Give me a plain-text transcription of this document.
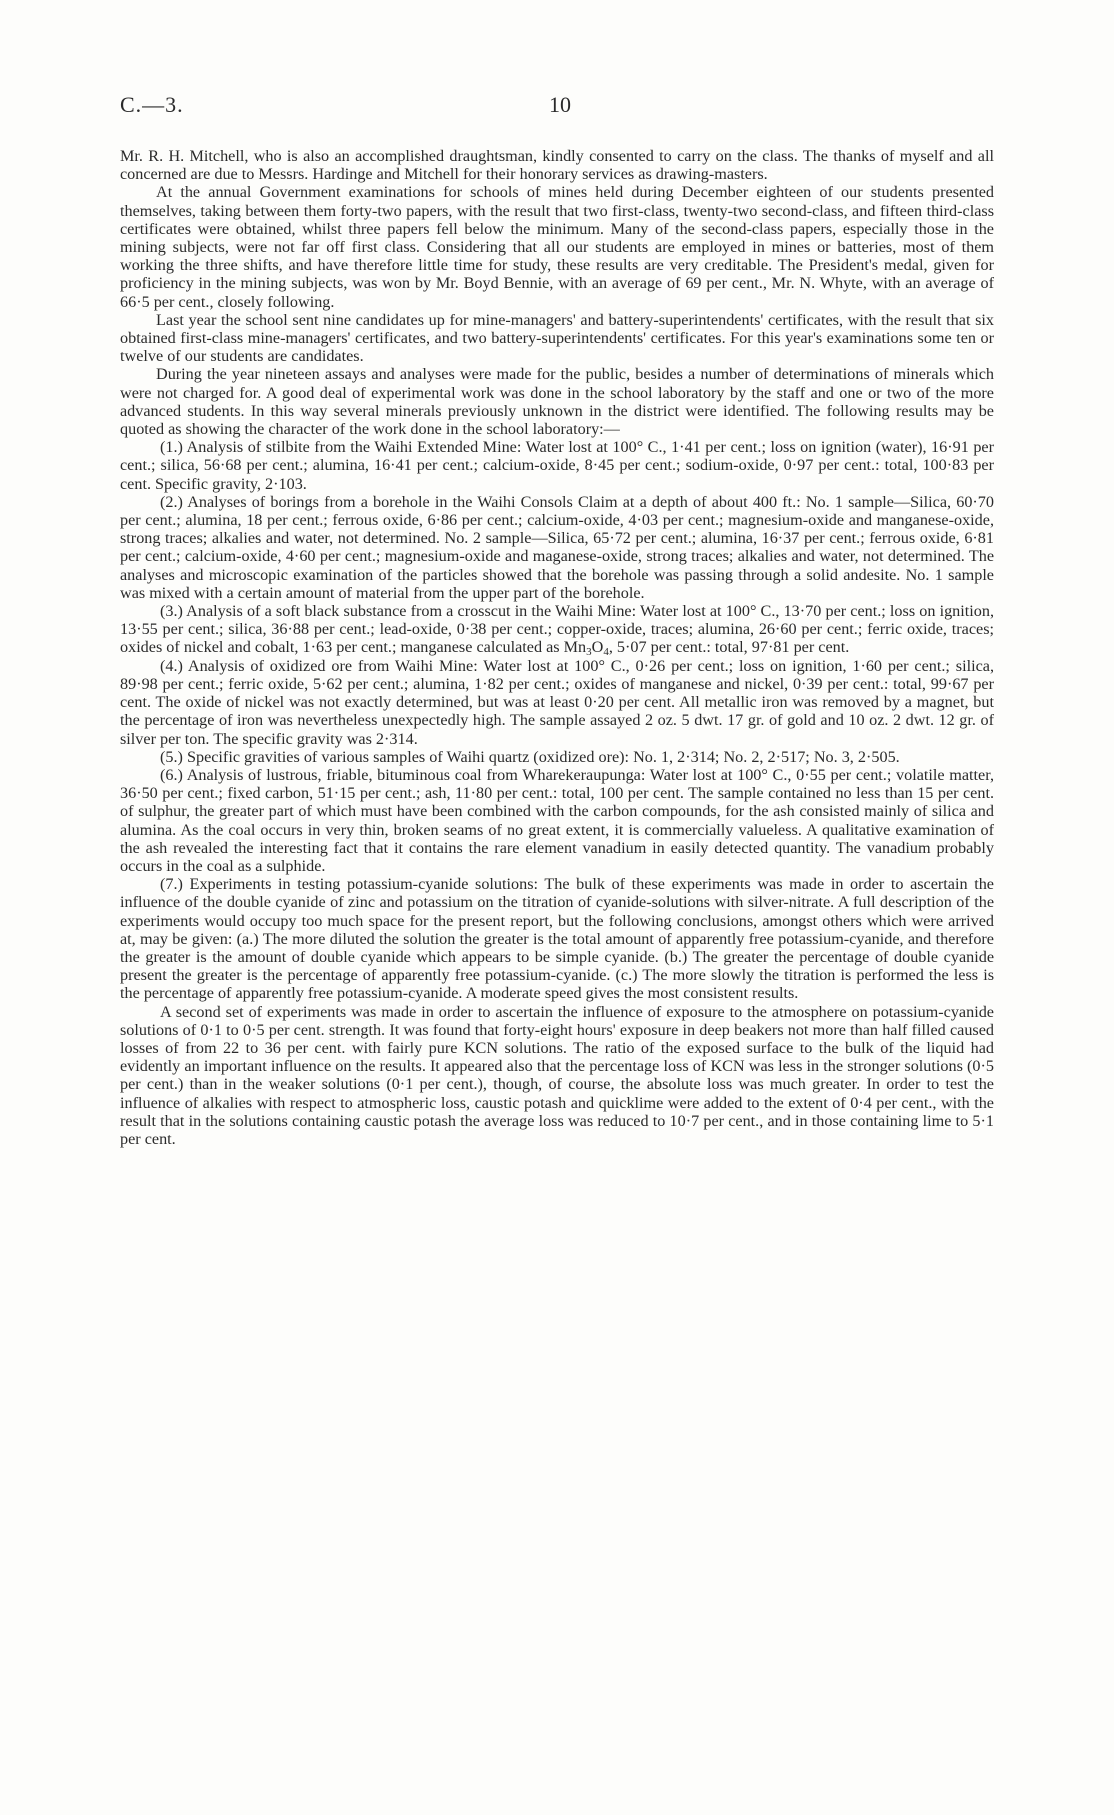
C.—3.	10

Mr. R. H. Mitchell, who is also an accomplished draughtsman, kindly consented to carry on the class. The thanks of myself and all concerned are due to Messrs. Hardinge and Mitchell for their honorary services as drawing-masters.

At the annual Government examinations for schools of mines held during December eighteen of our students presented themselves, taking between them forty-two papers, with the result that two first-class, twenty-two second-class, and fifteen third-class certificates were obtained, whilst three papers fell below the minimum. Many of the second-class papers, especially those in the mining subjects, were not far off first class. Considering that all our students are employed in mines or batteries, most of them working the three shifts, and have therefore little time for study, these results are very creditable. The President's medal, given for proficiency in the mining subjects, was won by Mr. Boyd Bennie, with an average of 69 per cent., Mr. N. Whyte, with an average of 66·5 per cent., closely following.

Last year the school sent nine candidates up for mine-managers' and battery-superintendents' certificates, with the result that six obtained first-class mine-managers' certificates, and two battery-superintendents' certificates. For this year's examinations some ten or twelve of our students are candidates.

During the year nineteen assays and analyses were made for the public, besides a number of determinations of minerals which were not charged for. A good deal of experimental work was done in the school laboratory by the staff and one or two of the more advanced students. In this way several minerals previously unknown in the district were identified. The following results may be quoted as showing the character of the work done in the school laboratory:—

(1.) Analysis of stilbite from the Waihi Extended Mine: Water lost at 100° C., 1·41 per cent.; loss on ignition (water), 16·91 per cent.; silica, 56·68 per cent.; alumina, 16·41 per cent.; calcium-oxide, 8·45 per cent.; sodium-oxide, 0·97 per cent.: total, 100·83 per cent. Specific gravity, 2·103.

(2.) Analyses of borings from a borehole in the Waihi Consols Claim at a depth of about 400 ft.: No. 1 sample—Silica, 60·70 per cent.; alumina, 18 per cent.; ferrous oxide, 6·86 per cent.; calcium-oxide, 4·03 per cent.; magnesium-oxide and manganese-oxide, strong traces; alkalies and water, not determined. No. 2 sample—Silica, 65·72 per cent.; alumina, 16·37 per cent.; ferrous oxide, 6·81 per cent.; calcium-oxide, 4·60 per cent.; magnesium-oxide and maganese-oxide, strong traces; alkalies and water, not determined. The analyses and microscopic examination of the particles showed that the borehole was passing through a solid andesite. No. 1 sample was mixed with a certain amount of material from the upper part of the borehole.

(3.) Analysis of a soft black substance from a crosscut in the Waihi Mine: Water lost at 100° C., 13·70 per cent.; loss on ignition, 13·55 per cent.; silica, 36·88 per cent.; lead-oxide, 0·38 per cent.; copper-oxide, traces; alumina, 26·60 per cent.; ferric oxide, traces; oxides of nickel and cobalt, 1·63 per cent.; manganese calculated as $Mn_3O_4$, 5·07 per cent.: total, 97·81 per cent.

(4.) Analysis of oxidized ore from Waihi Mine: Water lost at 100° C., 0·26 per cent.; loss on ignition, 1·60 per cent.; silica, 89·98 per cent.; ferric oxide, 5·62 per cent.; alumina, 1·82 per cent.; oxides of manganese and nickel, 0·39 per cent.: total, 99·67 per cent. The oxide of nickel was not exactly determined, but was at least 0·20 per cent. All metallic iron was removed by a magnet, but the percentage of iron was nevertheless unexpectedly high. The sample assayed 2 oz. 5 dwt. 17 gr. of gold and 10 oz. 2 dwt. 12 gr. of silver per ton. The specific gravity was 2·314.

(5.) Specific gravities of various samples of Waihi quartz (oxidized ore): No. 1, 2·314; No. 2, 2·517; No. 3, 2·505.

(6.) Analysis of lustrous, friable, bituminous coal from Wharekeraupunga: Water lost at 100° C., 0·55 per cent.; volatile matter, 36·50 per cent.; fixed carbon, 51·15 per cent.; ash, 11·80 per cent.: total, 100 per cent. The sample contained no less than 15 per cent. of sulphur, the greater part of which must have been combined with the carbon compounds, for the ash consisted mainly of silica and alumina. As the coal occurs in very thin, broken seams of no great extent, it is commercially valueless. A qualitative examination of the ash revealed the interesting fact that it contains the rare element vanadium in easily detected quantity. The vanadium probably occurs in the coal as a sulphide.

(7.) Experiments in testing potassium-cyanide solutions: The bulk of these experiments was made in order to ascertain the influence of the double cyanide of zinc and potassium on the titration of cyanide-solutions with silver-nitrate. A full description of the experiments would occupy too much space for the present report, but the following conclusions, amongst others which were arrived at, may be given: (a.) The more diluted the solution the greater is the total amount of apparently free potassium-cyanide, and therefore the greater is the amount of double cyanide which appears to be simple cyanide. (b.) The greater the percentage of double cyanide present the greater is the percentage of apparently free potassium-cyanide. (c.) The more slowly the titration is performed the less is the percentage of apparently free potassium-cyanide. A moderate speed gives the most consistent results.

A second set of experiments was made in order to ascertain the influence of exposure to the atmosphere on potassium-cyanide solutions of 0·1 to 0·5 per cent. strength. It was found that forty-eight hours' exposure in deep beakers not more than half filled caused losses of from 22 to 36 per cent. with fairly pure KCN solutions. The ratio of the exposed surface to the bulk of the liquid had evidently an important influence on the results. It appeared also that the percentage loss of KCN was less in the stronger solutions (0·5 per cent.) than in the weaker solutions (0·1 per cent.), though, of course, the absolute loss was much greater. In order to test the influence of alkalies with respect to atmospheric loss, caustic potash and quicklime were added to the extent of 0·4 per cent., with the result that in the solutions containing caustic potash the average loss was reduced to 10·7 per cent., and in those containing lime to 5·1 per cent.
